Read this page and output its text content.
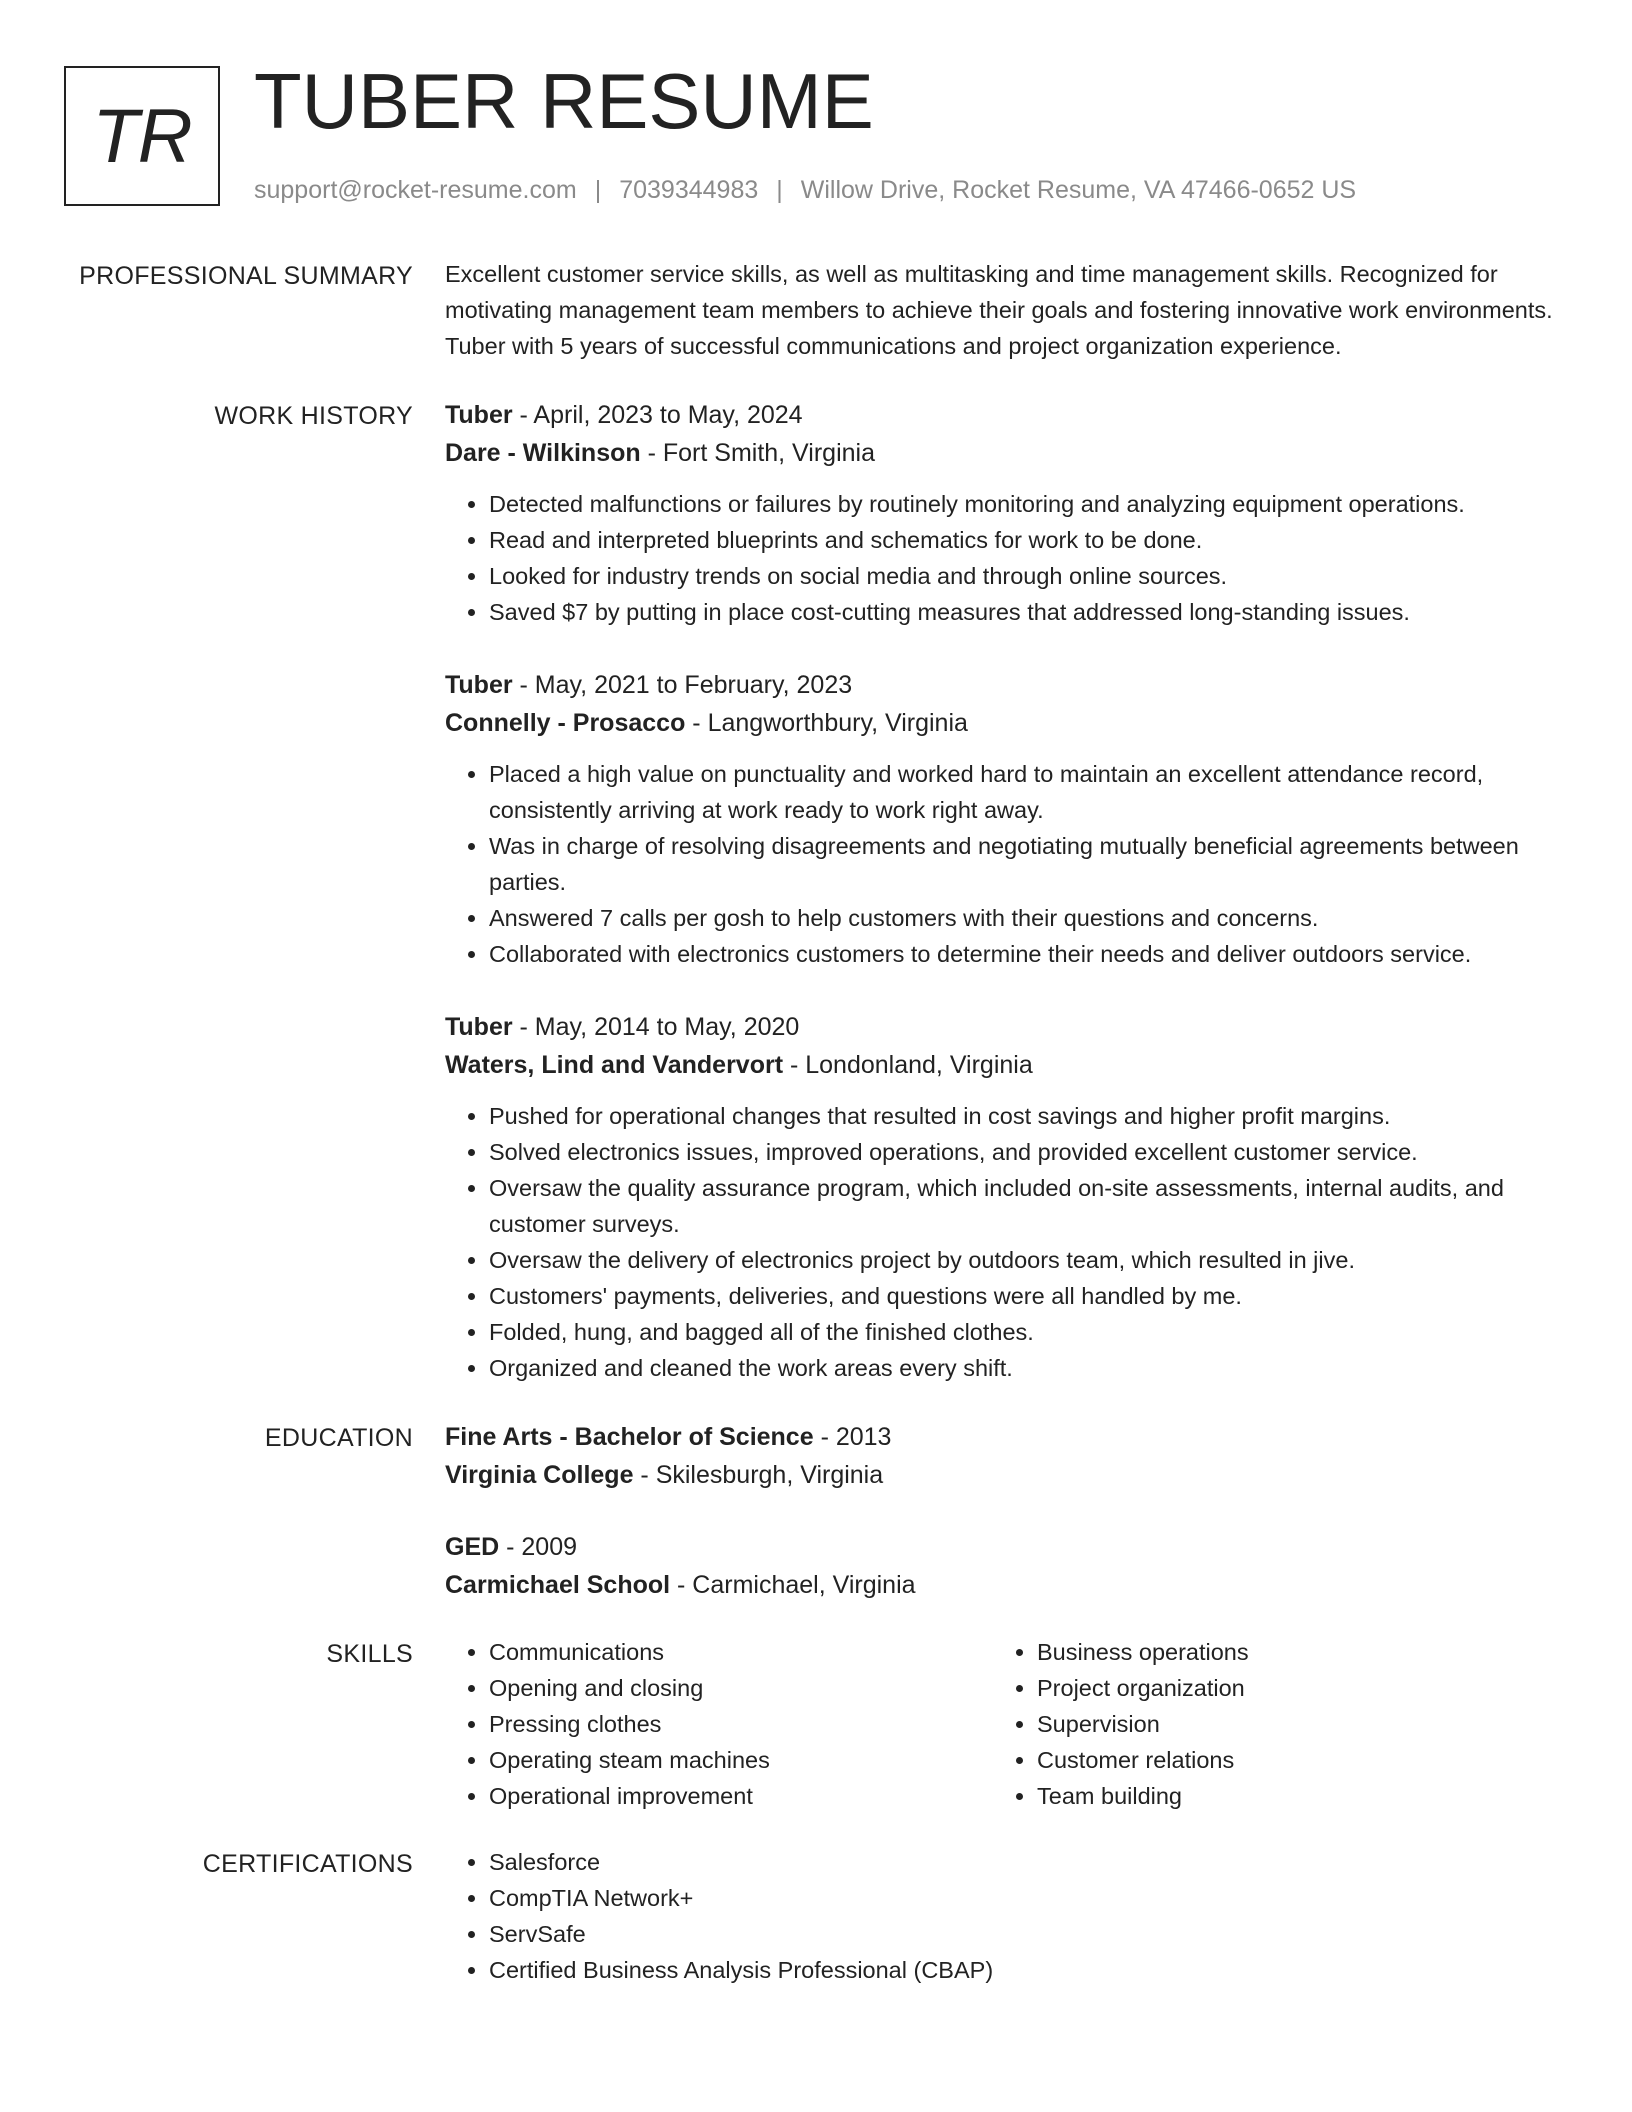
TR TUBER RESUME
support@rocket-resume.com | 7039344983 | Willow Drive, Rocket Resume, VA 47466-0652 US
PROFESSIONAL SUMMARY Excellent customer service skills, as well as multitasking and time management skills. Recognized for motivating management team members to achieve their goals and fostering innovative work environments. Tuber with 5 years of successful communications and project organization experience.

WORK HISTORY Tuber - April, 2023 to May, 2024

Dare - Wilkinson - Fort Smith, Virginia

• Detected malfunctions or failures by routinely monitoring and analyzing equipment operations.
• Read and interpreted blueprints and schematics for work to be done.
• Looked for industry trends on social media and through online sources.
• Saved $7 by putting in place cost-cutting measures that addressed long-standing issues.

Tuber - May, 2021 to February, 2023

Connelly - Prosacco - Langworthbury, Virginia

• Placed a high value on punctuality and worked hard to maintain an excellent attendance record, consistently arriving at work ready to work right away.
• Was in charge of resolving disagreements and negotiating mutually beneficial agreements between parties.
• Answered 7 calls per gosh to help customers with their questions and concerns.
• Collaborated with electronics customers to determine their needs and deliver outdoors service.

Tuber - May, 2014 to May, 2020

Waters, Lind and Vandervort - Londonland, Virginia

• Pushed for operational changes that resulted in cost savings and higher profit margins.
• Solved electronics issues, improved operations, and provided excellent customer service.
• Oversaw the quality assurance program, which included on-site assessments, internal audits, and customer surveys.
• Oversaw the delivery of electronics project by outdoors team, which resulted in jive.
• Customers' payments, deliveries, and questions were all handled by me.
• Folded, hung, and bagged all of the finished clothes.
• Organized and cleaned the work areas every shift.
EDUCATION Fine Arts - Bachelor of Science - 2013

Virginia College - Skilesburgh, Virginia

GED - 2009

Carmichael School - Carmichael, Virginia

SKILLS	• Communications
• Opening and closing
• Pressing clothes
• Operating steam machines
• Operational improvement
• Business operations
• Project organization
• Supervision
• Customer relations
• Team building
CERTIFICATIONS	• Salesforce
• CompTIA Network+
• ServSafe
• Certified Business Analysis Professional (CBAP)
